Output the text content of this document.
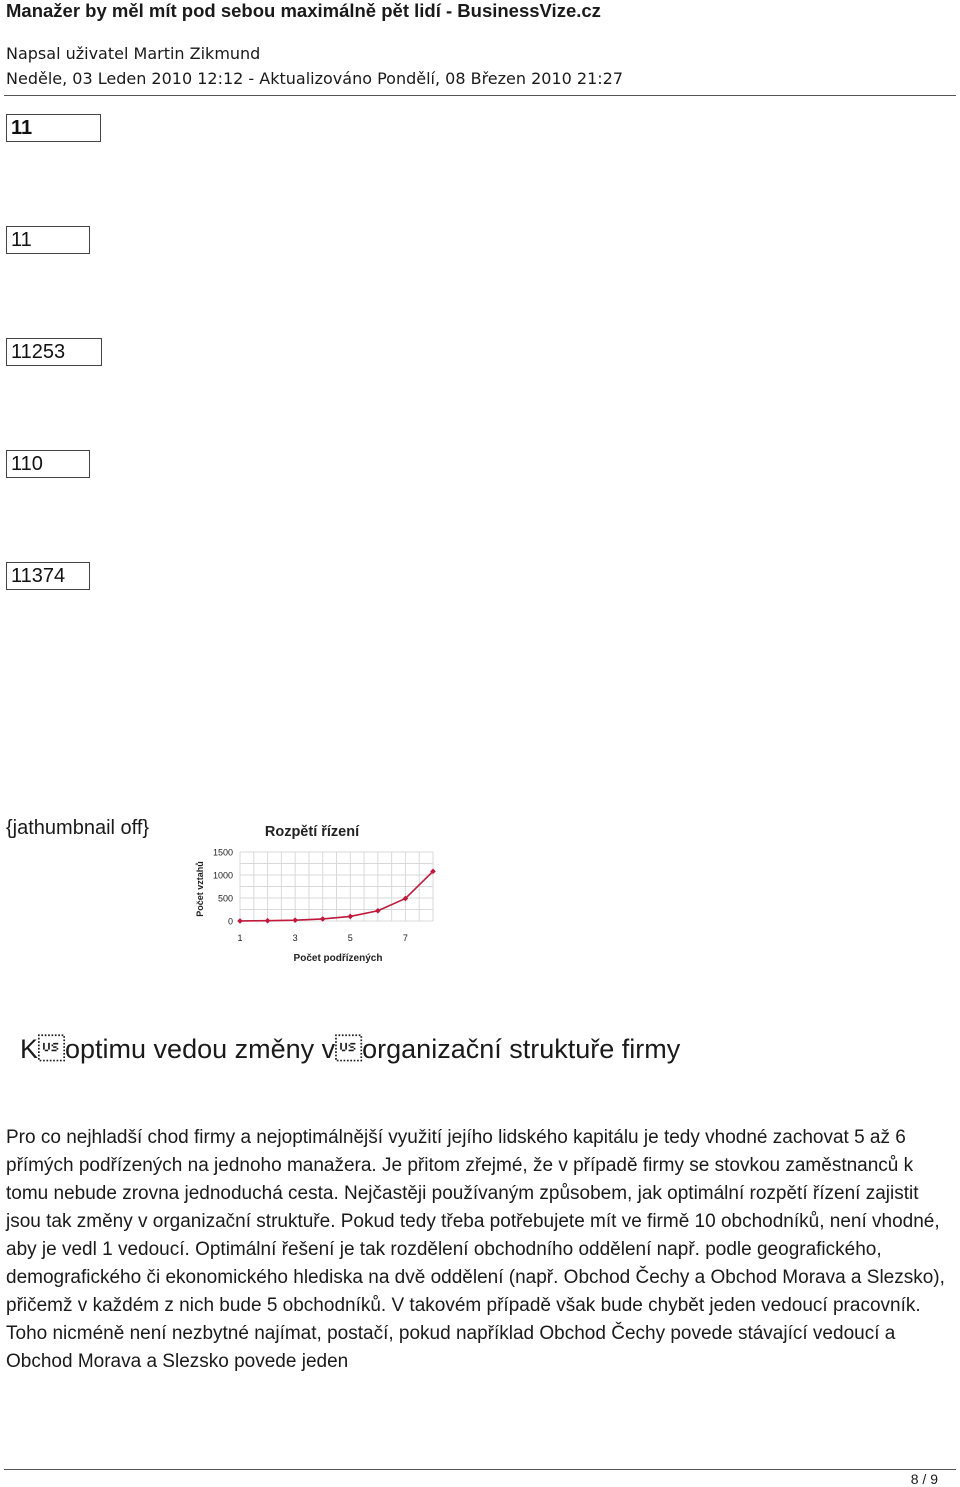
Manažer by měl mít pod sebou maximálně pět lidí - BusinessVize.cz
Napsal uživatel Martin Zikmund
Neděle, 03 Leden 2010 12:12 - Aktualizováno Pondělí, 08 Březen 2010 21:27
11
11
11253
110
11374
{jathumbnail off}	Rozpětí řízení
0
500
1000
1500
1	3	5	7
Počet vztahů
Počet podřízených
Koptimu vedou změny vorganizační struktuře firmy

Pro co nejhladší chod firmy a nejoptimálnější využití jejího lidského kapitálu je tedy vhodné zachovat 5 až 6 přímých podřízených na jednoho manažera. Je přitom zřejmé, že v případě firmy se stovkou zaměstnanců k tomu nebude zrovna jednoduchá cesta. Nejčastěji používaným způsobem, jak optimální rozpětí řízení zajistit jsou tak změny v organizační struktuře. Pokud tedy třeba potřebujete mít ve firmě 10 obchodníků, není vhodné, aby je vedl 1 vedoucí. Optimální řešení je tak rozdělení obchodního oddělení např. podle geografického, demografického či ekonomického hlediska na dvě oddělení (např. Obchod Čechy a Obchod Morava a Slezsko), přičemž v každém z nich bude 5 obchodníků. V takovém případě však bude chybět jeden vedoucí pracovník. Toho nicméně není nezbytné najímat, postačí, pokud například Obchod Čechy povede stávající vedoucí a Obchod Morava a Slezsko povede jeden

8 / 9
